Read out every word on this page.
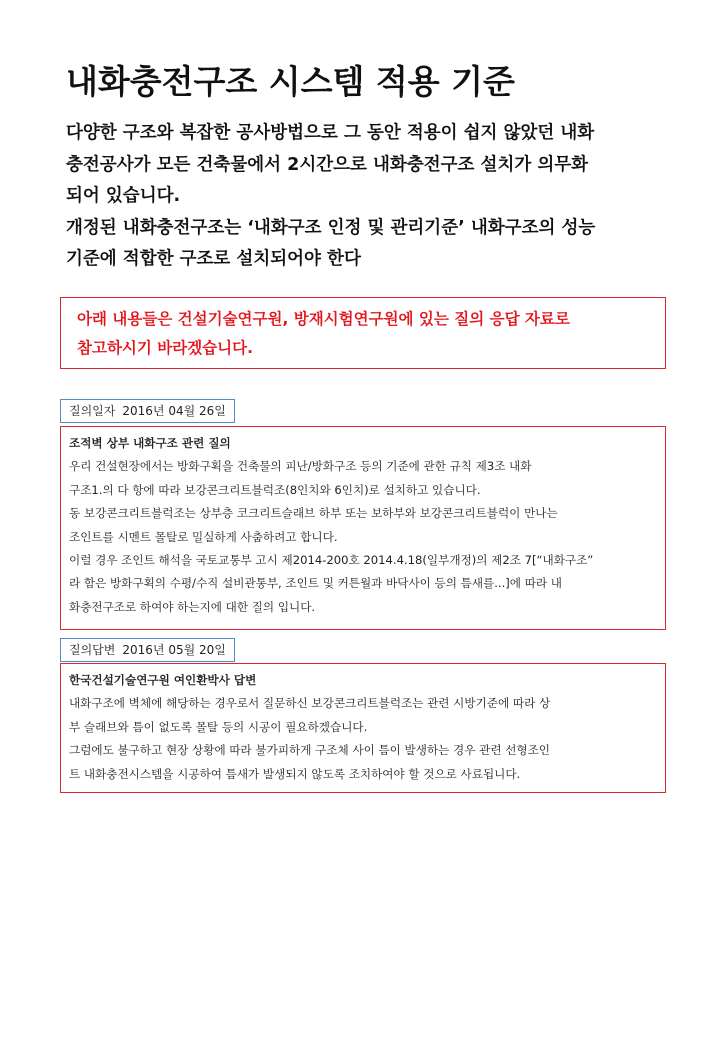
내화충전구조 시스템 적용 기준

다양한 구조와 복잡한 공사방법으로 그 동안 적용이 쉽지 않았던 내화

충전공사가 모든 건축물에서 2시간으로 내화충전구조 설치가 의무화

되어 있습니다.

개정된 내화충전구조는 ‘내화구조 인정 및 관리기준’ 내화구조의 성능

기준에 적합한 구조로 설치되어야 한다

아래 내용들은 건설기술연구원, 방재시험연구원에 있는 질의 응답 자료로

참고하시기 바라겠습니다.

질의일자 2016년 04월 26일

조적벽 상부 내화구조 관련 질의

우리 건설현장에서는 방화구획을 건축물의 피난/방화구조 등의 기준에 관한 규칙 제3조 내화

구조1.의 다 항에 따라 보강콘크리트블럭조(8인치와 6인치)로 설치하고 있습니다.

동 보강콘크리트블럭조는 상부층 코크리트슬래브 하부 또는 보하부와 보강콘크리트블럭이 만나는

조인트를 시멘트 몰탈로 밀실하게 사춤하려고 합니다.

이럴 경우 조인트 해석을 국토교통부 고시 제2014-200호 2014.4.18(일부개정)의 제2조 7[“내화구조”

라 함은 방화구획의 수평/수직 설비관통부, 조인트 및 커튼월과 바닥사이 등의 틈새를...]에 따라 내

화충전구조로 하여야 하는지에 대한 질의 입니다.

질의답변 2016년 05월 20일

한국건설기술연구원 여인환박사 답변

내화구조에 벽체에 해당하는 경우로서 질문하신 보강콘크리트블럭조는 관련 시방기준에 따라 상

부 슬래브와 틈이 없도록 몰탈 등의 시공이 필요하겠습니다.

그럼에도 불구하고 현장 상황에 따라 불가피하게 구조체 사이 틈이 발생하는 경우 관련 선형조인

트 내화충전시스템을 시공하여 틈새가 발생되지 않도록 조치하여야 할 것으로 사료됩니다.
